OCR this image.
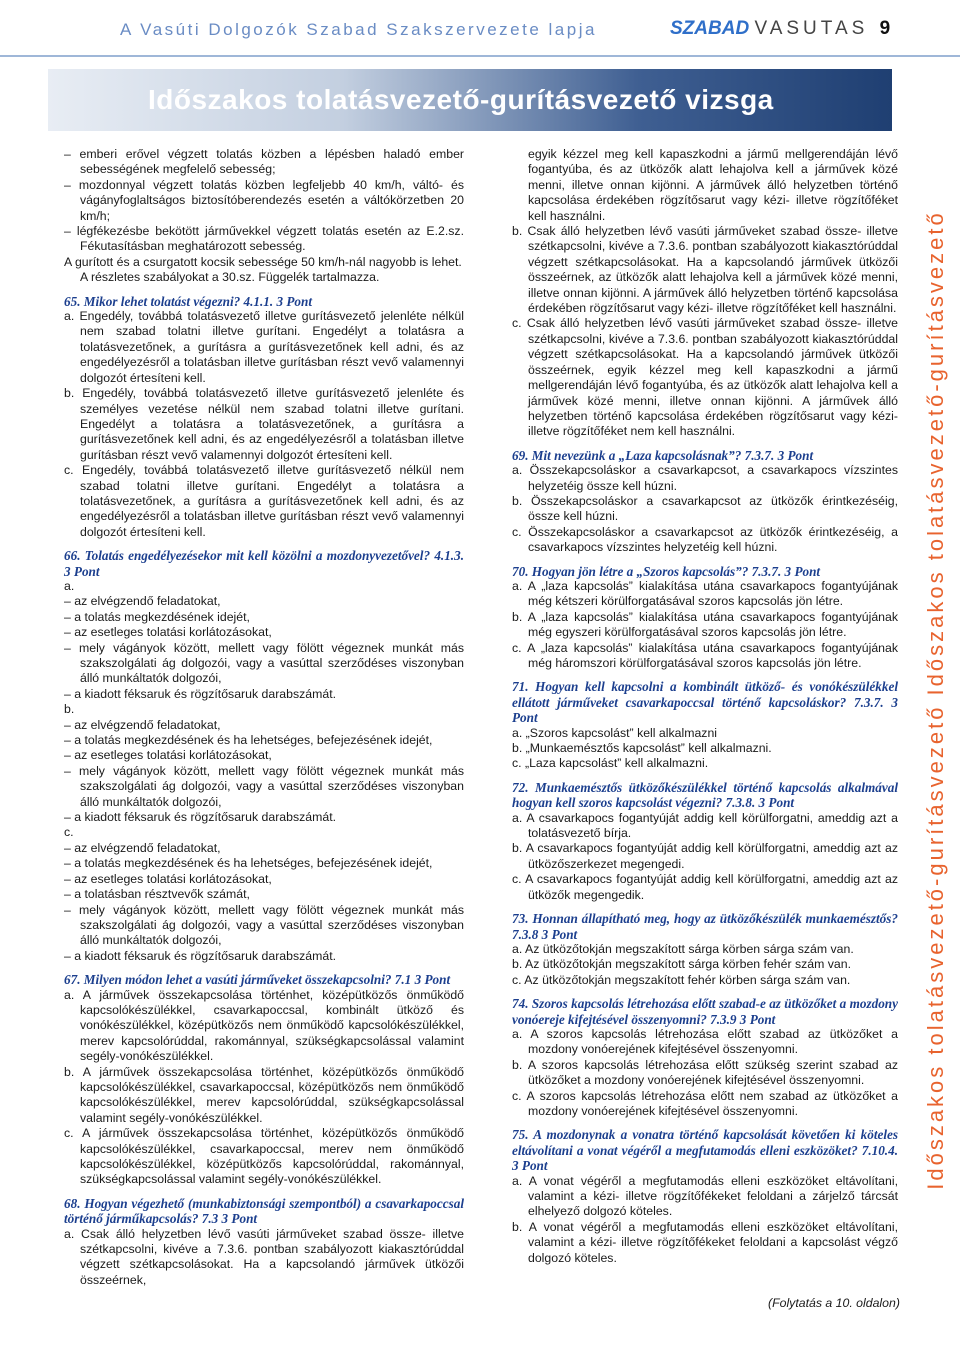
A Vasúti Dolgozók Szabad Szakszervezete lapja	SZABAD VASUTAS 9
Időszakos tolatásvezető-gurításvezető vizsga

– emberi erővel végzett tolatás közben a lépésben haladó ember sebességének megfelelő sebesség;

– mozdonnyal végzett tolatás közben legfeljebb 40 km/h, váltó- és vágányfoglaltságos biztosítóberendezés esetén a váltókörzetben 20 km/h;

– légfékezésbe bekötött járművekkel végzett tolatás esetén az E.2.sz. Fékutasításban meghatározott sebesség.

A gurított és a csurgatott kocsik sebessége 50 km/h-nál nagyobb is lehet.

A részletes szabályokat a 30.sz. Függelék tartalmazza.

65. Mikor lehet tolatást végezni? 4.1.1. 3 Pont

a. Engedély, továbbá tolatásvezető illetve gurításvezető jelenléte nélkül nem szabad tolatni illetve gurítani. Engedélyt a tolatásra a tolatásvezetőnek, a gurításra a gurításvezetőnek kell adni, és az engedélyezésről a tolatásban illetve gurításban részt vevő valamennyi dolgozót értesíteni kell.

b. Engedély, továbbá tolatásvezető illetve gurításvezető jelenléte és személyes vezetése nélkül nem szabad tolatni illetve gurítani. Engedélyt a tolatásra a tolatásvezetőnek, a gurításra a gurításvezetőnek kell adni, és az engedélyezésről a tolatásban illetve gurításban részt vevő valamennyi dolgozót értesíteni kell.

c. Engedély, továbbá tolatásvezető illetve gurításvezető nélkül nem szabad tolatni illetve gurítani. Engedélyt a tolatásra a tolatásvezetőnek, a gurításra a gurításvezetőnek kell adni, és az engedélyezésről a tolatásban illetve gurításban részt vevő valamennyi dolgozót értesíteni kell.

66. Tolatás engedélyezésekor mit kell közölni a mozdonyvezetővel? 4.1.3. 3 Pont

a.

– az elvégzendő feladatokat,

– a tolatás megkezdésének idejét,

– az esetleges tolatási korlátozásokat,

– mely vágányok között, mellett vagy fölött végeznek munkát más szakszolgálati ág dolgozói, vagy a vasúttal szerződéses viszonyban álló munkáltatók dolgozói,

– a kiadott féksaruk és rögzítősaruk darabszámát.

b.

– az elvégzendő feladatokat,

– a tolatás megkezdésének és ha lehetséges, befejezésének idejét,

– az esetleges tolatási korlátozásokat,

– mely vágányok között, mellett vagy fölött végeznek munkát más szakszolgálati ág dolgozói, vagy a vasúttal szerződéses viszonyban álló munkáltatók dolgozói,

– a kiadott féksaruk és rögzítősaruk darabszámát.

c.

– az elvégzendő feladatokat,

– a tolatás megkezdésének és ha lehetséges, befejezésének idejét,

– az esetleges tolatási korlátozásokat,

– a tolatásban résztvevők számát,

– mely vágányok között, mellett vagy fölött végeznek munkát más szakszolgálati ág dolgozói, vagy a vasúttal szerződéses viszonyban álló munkáltatók dolgozói,

– a kiadott féksaruk és rögzítősaruk darabszámát.

67. Milyen módon lehet a vasúti járműveket összekapcsolni? 7.1 3 Pont

a. A járművek összekapcsolása történhet, középütközős önműködő kapcsolókészülékkel, csavarkapoccsal, kombinált ütköző és vonókészülékkel, középütközős nem önműködő kapcsolókészülékkel, merev kapcsolórúddal, rakománnyal, szükségkapcsolással valamint segély-vonókészülékkel.

b. A járművek összekapcsolása történhet, középütközős önműködő kapcsolókészülékkel, csavarkapoccsal, középütközős nem önműködő kapcsolókészülékkel, merev kapcsolórúddal, szükségkapcsolással valamint segély-vonókészülékkel.

c. A járművek összekapcsolása történhet, középütközős önműködő kapcsolókészülékkel, csavarkapoccsal, merev nem önműködő kapcsolókészülékkel, középütközős kapcsolórúddal, rakománnyal, szükségkapcsolással valamint segély-vonókészülékkel.

68. Hogyan végezhető (munkabiztonsági szempontból) a csavarkapoccsal történő járműkapcsolás? 7.3 3 Pont

a. Csak álló helyzetben lévő vasúti járműveket szabad össze- illetve szétkapcsolni, kivéve a 7.3.6. pontban szabályozott kiakasztórúddal végzett szétkapcsolásokat. Ha a kapcsolandó járművek ütközői összeérnek,

egyik kézzel meg kell kapaszkodni a jármű mellgerendáján lévő fogantyúba, és az ütközők alatt lehajolva kell a járművek közé menni, illetve onnan kijönni. A járművek álló helyzetben történő kapcsolása érdekében rögzítősarut vagy kézi- illetve rögzítőféket kell használni.

b. Csak álló helyzetben lévő vasúti járműveket szabad össze- illetve szétkapcsolni, kivéve a 7.3.6. pontban szabályozott kiakasztórúddal végzett szétkapcsolásokat. Ha a kapcsolandó járművek ütközői összeérnek, az ütközők alatt lehajolva kell a járművek közé menni, illetve onnan kijönni. A járművek álló helyzetben történő kapcsolása érdekében rögzítősarut vagy kézi- illetve rögzítőféket kell használni.

c. Csak álló helyzetben lévő vasúti járműveket szabad össze- illetve szétkapcsolni, kivéve a 7.3.6. pontban szabályozott kiakasztórúddal végzett szétkapcsolásokat. Ha a kapcsolandó járművek ütközői összeérnek, egyik kézzel meg kell kapaszkodni a jármű mellgerendáján lévő fogantyúba, és az ütközők alatt lehajolva kell a járművek közé menni, illetve onnan kijönni. A járművek álló helyzetben történő kapcsolása érdekében rögzítősarut vagy kézi- illetve rögzítőféket nem kell használni.

69. Mit nevezünk a „Laza kapcsolásnak”? 7.3.7. 3 Pont

a. Összekapcsoláskor a csavarkapcsot, a csavarkapocs vízszintes helyzetéig össze kell húzni.

b. Összekapcsoláskor a csavarkapcsot az ütközők érintkezéséig, össze kell húzni.

c. Összekapcsoláskor a csavarkapcsot az ütközők érintkezéséig, a csavarkapocs vízszintes helyzetéig kell húzni.

70. Hogyan jön létre a „Szoros kapcsolás”? 7.3.7. 3 Pont

a. A „laza kapcsolás” kialakítása utána csavarkapocs fogantyújának még kétszeri körülforgatásával szoros kapcsolás jön létre.

b. A „laza kapcsolás” kialakítása utána csavarkapocs fogantyújának még egyszeri körülforgatásával szoros kapcsolás jön létre.

c. A „laza kapcsolás” kialakítása utána csavarkapocs fogantyújának még háromszori körülforgatásával szoros kapcsolás jön létre.

71. Hogyan kell kapcsolni a kombinált ütköző- és vonókészülékkel ellátott járműveket csavarkapoccsal történő kapcsoláskor? 7.3.7. 3 Pont

a. „Szoros kapcsolást” kell alkalmazni

b. „Munkaemésztős kapcsolást” kell alkalmazni.

c. „Laza kapcsolást” kell alkalmazni.

72. Munkaemésztős ütközőkészülékkel történő kapcsolás alkalmával hogyan kell szoros kapcsolást végezni? 7.3.8. 3 Pont

a. A csavarkapocs fogantyúját addig kell körülforgatni, ameddig azt a tolatásvezető bírja.

b. A csavarkapocs fogantyúját addig kell körülforgatni, ameddig azt az ütközőszerkezet megengedi.

c. A csavarkapocs fogantyúját addig kell körülforgatni, ameddig azt az ütközők megengedik.

73. Honnan állapítható meg, hogy az ütközőkészülék munkaemésztős? 7.3.8 3 Pont

a. Az ütközőtokján megszakított sárga körben sárga szám van.

b. Az ütközőtokján megszakított sárga körben fehér szám van.

c. Az ütközőtokján megszakított fehér körben sárga szám van.

74. Szoros kapcsolás létrehozása előtt szabad-e az ütközőket a mozdony vonóereje kifejtésével összenyomni? 7.3.9 3 Pont

a. A szoros kapcsolás létrehozása előtt szabad az ütközőket a mozdony vonóerejének kifejtésével összenyomni.

b. A szoros kapcsolás létrehozása előtt szükség szerint szabad az ütközőket a mozdony vonóerejének kifejtésével összenyomni.

c. A szoros kapcsolás létrehozása előtt nem szabad az ütközőket a mozdony vonóerejének kifejtésével összenyomni.

75. A mozdonynak a vonatra történő kapcsolását követően ki köteles eltávolítani a vonat végéről a megfutamodás elleni eszközöket? 7.10.4. 3 Pont

a. A vonat végéről a megfutamodás elleni eszközöket eltávolítani, valamint a kézi- illetve rögzítőfékeket feloldani a zárjelző tárcsát elhelyező dolgozó köteles.

b. A vonat végéről a megfutamodás elleni eszközöket eltávolítani, valamint a kézi- illetve rögzítőfékeket feloldani a kapcsolást végző dolgozó köteles.

(Folytatás a 10. oldalon)
Időszakos tolatásvezető-gurításvezető Időszakos tolatásvezető-gurításvezető
